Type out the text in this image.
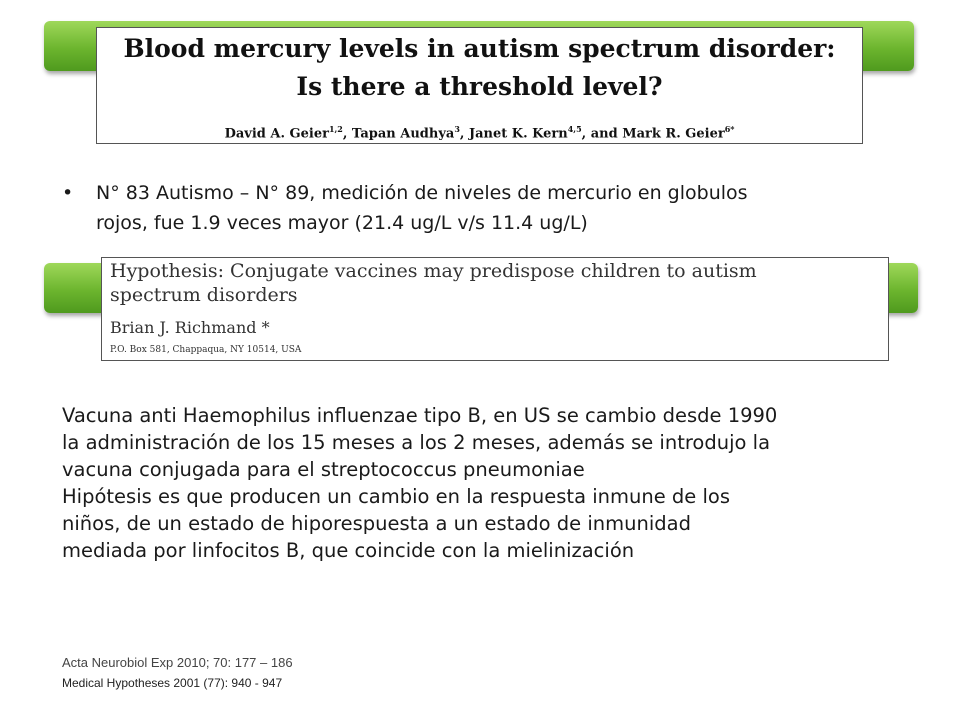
Blood mercury levels in autism spectrum disorder:
Is there a threshold level?
David A. Geier$^{1,2}$, Tapan Audhya$^3$, Janet K. Kern$^{4,5}$, and Mark R. Geier$^{6*}$
• N° 83 Autismo – N° 89, medición de niveles de mercurio en globulos
rojos, fue 1.9 veces mayor (21.4 ug/L v/s 11.4 ug/L)
Hypothesis: Conjugate vaccines may predispose children to autism
spectrum disorders
Brian J. Richmand *
P.O. Box 581, Chappaqua, NY 10514, USA
Vacuna anti Haemophilus influenzae tipo B, en US se cambio desde 1990
la administración de los 15 meses a los 2 meses, además se introdujo la
vacuna conjugada para el streptococcus pneumoniae
Hipótesis es que producen un cambio en la respuesta inmune de los
niños, de un estado de hiporespuesta a un estado de inmunidad
mediada por linfocitos B, que coincide con la mielinización
Acta Neurobiol Exp 2010; 70: 177 – 186
Medical Hypotheses 2001 (77): 940 - 947
